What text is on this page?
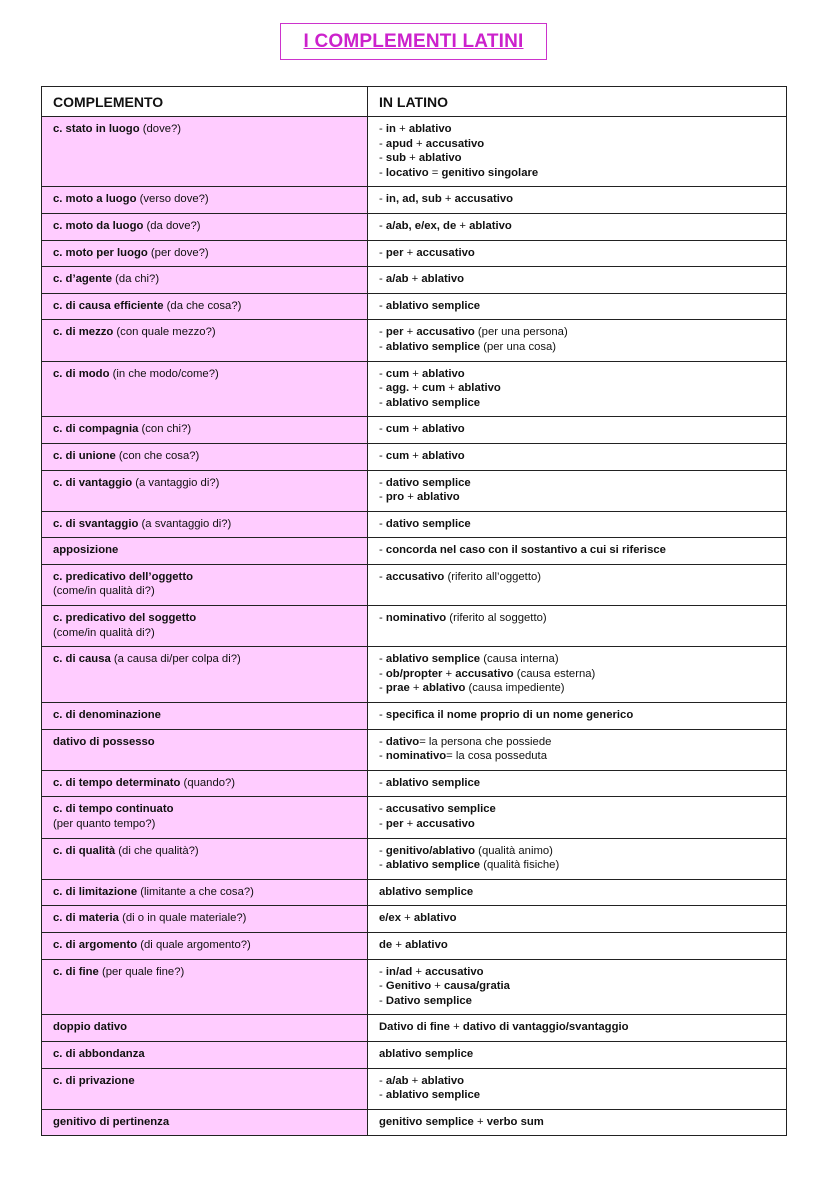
I COMPLEMENTI LATINI
COMPLEMENTO	IN LATINO

c. stato in luogo (dove?)	- in + ablativo
- apud + accusativo
- sub + ablativo
- locativo = genitivo singolare

c. moto a luogo (verso dove?)	- in, ad, sub + accusativo

c. moto da luogo (da dove?)	- a/ab, e/ex, de + ablativo

c. moto per luogo (per dove?)	- per + accusativo

c. d’agente (da chi?)	- a/ab + ablativo

c. di causa efficiente (da che cosa?)	- ablativo semplice

c. di mezzo (con quale mezzo?)	- per + accusativo (per una persona)
- ablativo semplice (per una cosa)

c. di modo (in che modo/come?)	- cum + ablativo
- agg. + cum + ablativo
- ablativo semplice

c. di compagnia (con chi?)	- cum + ablativo

c. di unione (con che cosa?)	- cum + ablativo

c. di vantaggio (a vantaggio di?)	- dativo semplice
- pro + ablativo

c. di svantaggio (a svantaggio di?)	- dativo semplice

apposizione	- concorda nel caso con il sostantivo a cui si riferisce

c. predicativo dell’oggetto
(come/in qualità di?)	- accusativo (riferito all’oggetto)

c. predicativo del soggetto
(come/in qualità di?)	- nominativo (riferito al soggetto)

c. di causa (a causa di/per colpa di?)	- ablativo semplice (causa interna)
- ob/propter + accusativo (causa esterna)
- prae + ablativo (causa impediente)

c. di denominazione	- specifica il nome proprio di un nome generico

dativo di possesso	- dativo= la persona che possiede
- nominativo= la cosa posseduta

c. di tempo determinato (quando?)	- ablativo semplice

c. di tempo continuato
(per quanto tempo?)	- accusativo semplice
- per + accusativo

c. di qualità (di che qualità?)	- genitivo/ablativo (qualità animo)
- ablativo semplice (qualità fisiche)

c. di limitazione (limitante a che cosa?)	ablativo semplice

c. di materia (di o in quale materiale?)	e/ex + ablativo

c. di argomento (di quale argomento?)	de + ablativo

c. di fine (per quale fine?)	- in/ad + accusativo
- Genitivo + causa/gratia
- Dativo semplice

doppio dativo	Dativo di fine + dativo di vantaggio/svantaggio

c. di abbondanza	ablativo semplice

c. di privazione	- a/ab + ablativo
- ablativo semplice

genitivo di pertinenza	genitivo semplice + verbo sum
